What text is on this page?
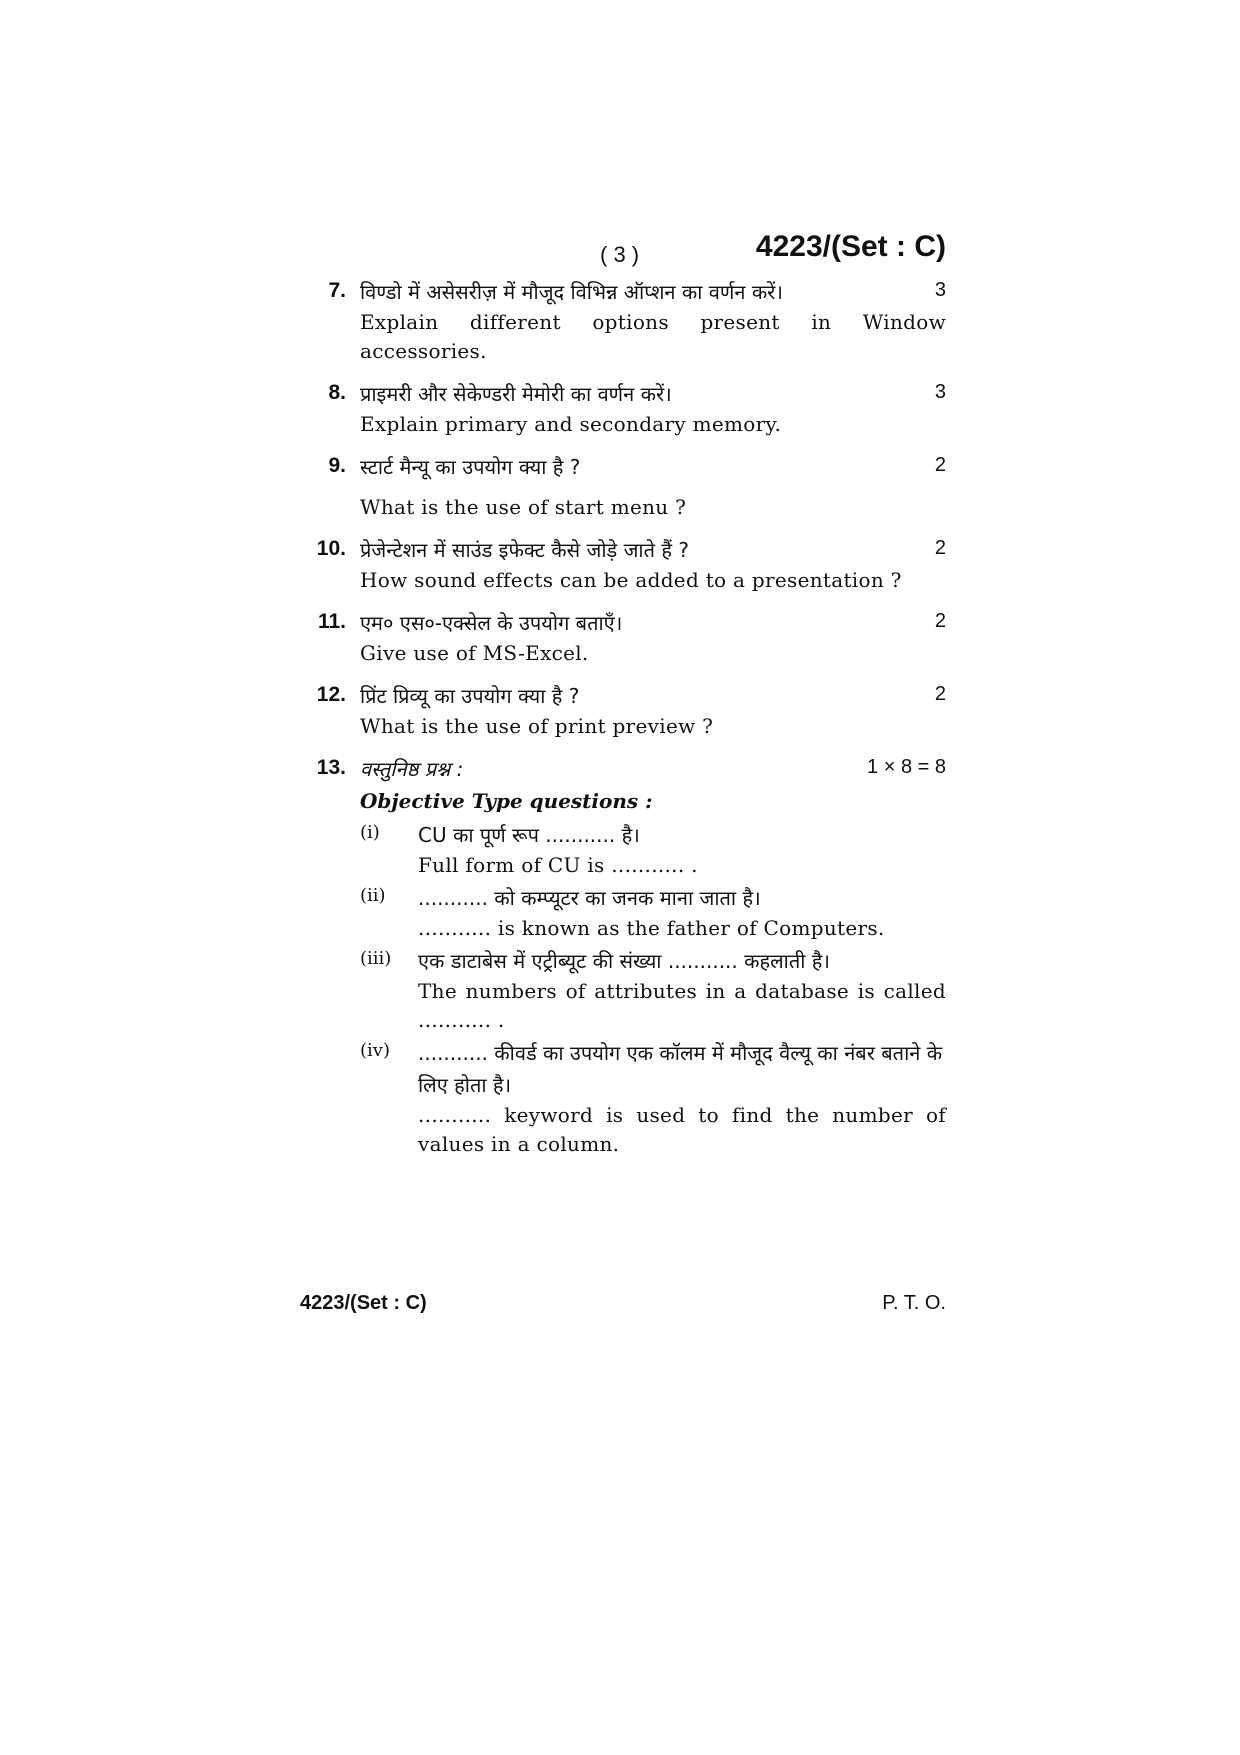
( 3 )	4223/(Set : C)
7.	3
विण्डो में असेसरीज़ में मौजूद विभिन्न ऑप्शन का वर्णन करें।
Explain different options present in Window accessories.
8.	3
प्राइमरी और सेकेण्डरी मेमोरी का वर्णन करें।
Explain primary and secondary memory.
9.	2
स्टार्ट मैन्यू का उपयोग क्या है ?
What is the use of start menu ?
10.	2
प्रेजेन्टेशन में साउंड इफेक्ट कैसे जोड़े जाते हैं ?
How sound effects can be added to a presentation ?
11.	2
एम० एस०-एक्सेल के उपयोग बताएँ।
Give use of MS-Excel.
12.	2
प्रिंट प्रिव्यू का उपयोग क्या है ?
What is the use of print preview ?
13.	1 × 8 = 8
वस्तुनिष्ठ प्रश्न :
Objective Type questions :
(i) CU का पूर्ण रूप ........... है।
Full form of CU is ........... .
(ii) ........... को कम्प्यूटर का जनक माना जाता है।
........... is known as the father of Computers.
(iii) एक डाटाबेस में एट्रीब्यूट की संख्या ........... कहलाती है।
The numbers of attributes in a database is called ........... .
(iv) ........... कीवर्ड का उपयोग एक कॉलम में मौजूद वैल्यू का नंबर बताने के लिए होता है।
........... keyword is used to find the number of values in a column.
4223/(Set : C)	P. T. O.
